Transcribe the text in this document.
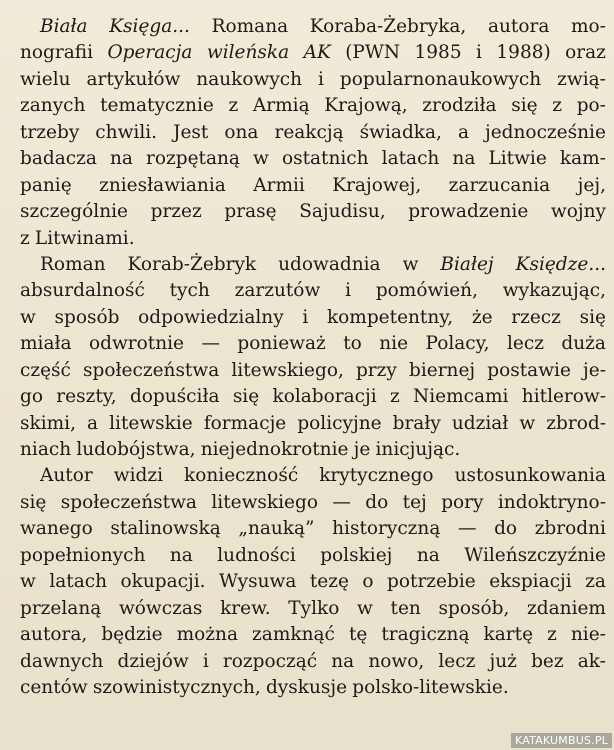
Biała Księga... Romana Koraba-Żebryka, autora mo-
nografii Operacja wileńska AK (PWN 1985 i 1988) oraz
wielu artykułów naukowych i popularnonaukowych zwią-
zanych tematycznie z Armią Krajową, zrodziła się z po-
trzeby chwili. Jest ona reakcją świadka, a jednocześnie
badacza na rozpętaną w ostatnich latach na Litwie kam-
panię zniesławiania Armii Krajowej, zarzucania jej,
szczególnie przez prasę Sajudisu, prowadzenie wojny
z Litwinami.
Roman Korab-Żebryk udowadnia w Białej Księdze...
absurdalność tych zarzutów i pomówień, wykazując,
w sposób odpowiedzialny i kompetentny, że rzecz się
miała odwrotnie — ponieważ to nie Polacy, lecz duża
część społeczeństwa litewskiego, przy biernej postawie je-
go reszty, dopuściła się kolaboracji z Niemcami hitlerow-
skimi, a litewskie formacje policyjne brały udział w zbrod-
niach ludobójstwa, niejednokrotnie je inicjując.
Autor widzi konieczność krytycznego ustosunkowania
się społeczeństwa litewskiego — do tej pory indoktryno-
wanego stalinowską „nauką” historyczną — do zbrodni
popełnionych na ludności polskiej na Wileńszczyźnie
w latach okupacji. Wysuwa tezę o potrzebie ekspiacji za
przelaną wówczas krew. Tylko w ten sposób, zdaniem
autora, będzie można zamknąć tę tragiczną kartę z nie-
dawnych dziejów i rozpocząć na nowo, lecz już bez ak-
centów szowinistycznych, dyskusje polsko-litewskie.
KATAKUMBUS.PL
